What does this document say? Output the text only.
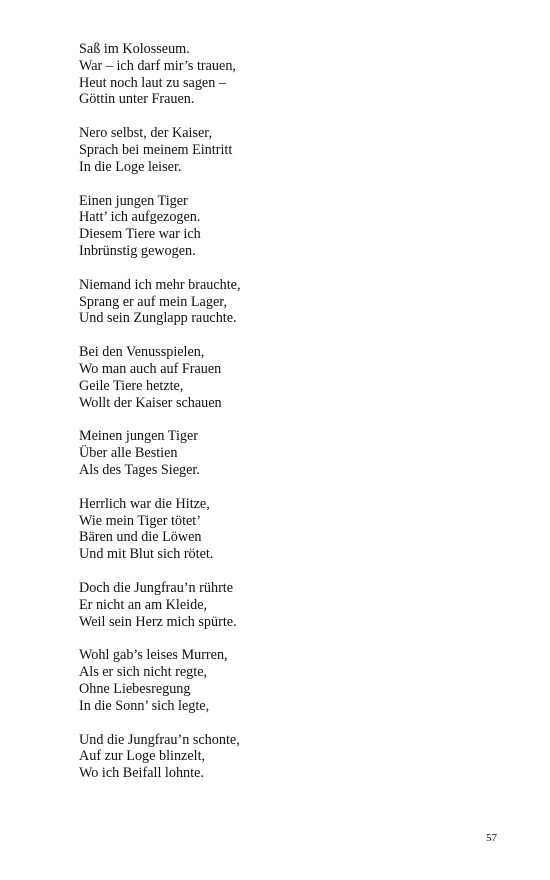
Saß im Kolosseum.
War – ich darf mir’s trauen,
Heut noch laut zu sagen –
Göttin unter Frauen.
Nero selbst, der Kaiser,
Sprach bei meinem Eintritt
In die Loge leiser.
Einen jungen Tiger
Hatt’ ich aufgezogen.
Diesem Tiere war ich
Inbrünstig gewogen.
Niemand ich mehr brauchte,
Sprang er auf mein Lager,
Und sein Zunglapp rauchte.
Bei den Venusspielen,
Wo man auch auf Frauen
Geile Tiere hetzte,
Wollt der Kaiser schauen
Meinen jungen Tiger
Über alle Bestien
Als des Tages Sieger.
Herrlich war die Hitze,
Wie mein Tiger tötet’
Bären und die Löwen
Und mit Blut sich rötet.
Doch die Jungfrau’n rührte
Er nicht an am Kleide,
Weil sein Herz mich spürte.
Wohl gab’s leises Murren,
Als er sich nicht regte,
Ohne Liebesregung
In die Sonn’ sich legte,
Und die Jungfrau’n schonte,
Auf zur Loge blinzelt,
Wo ich Beifall lohnte.
57
